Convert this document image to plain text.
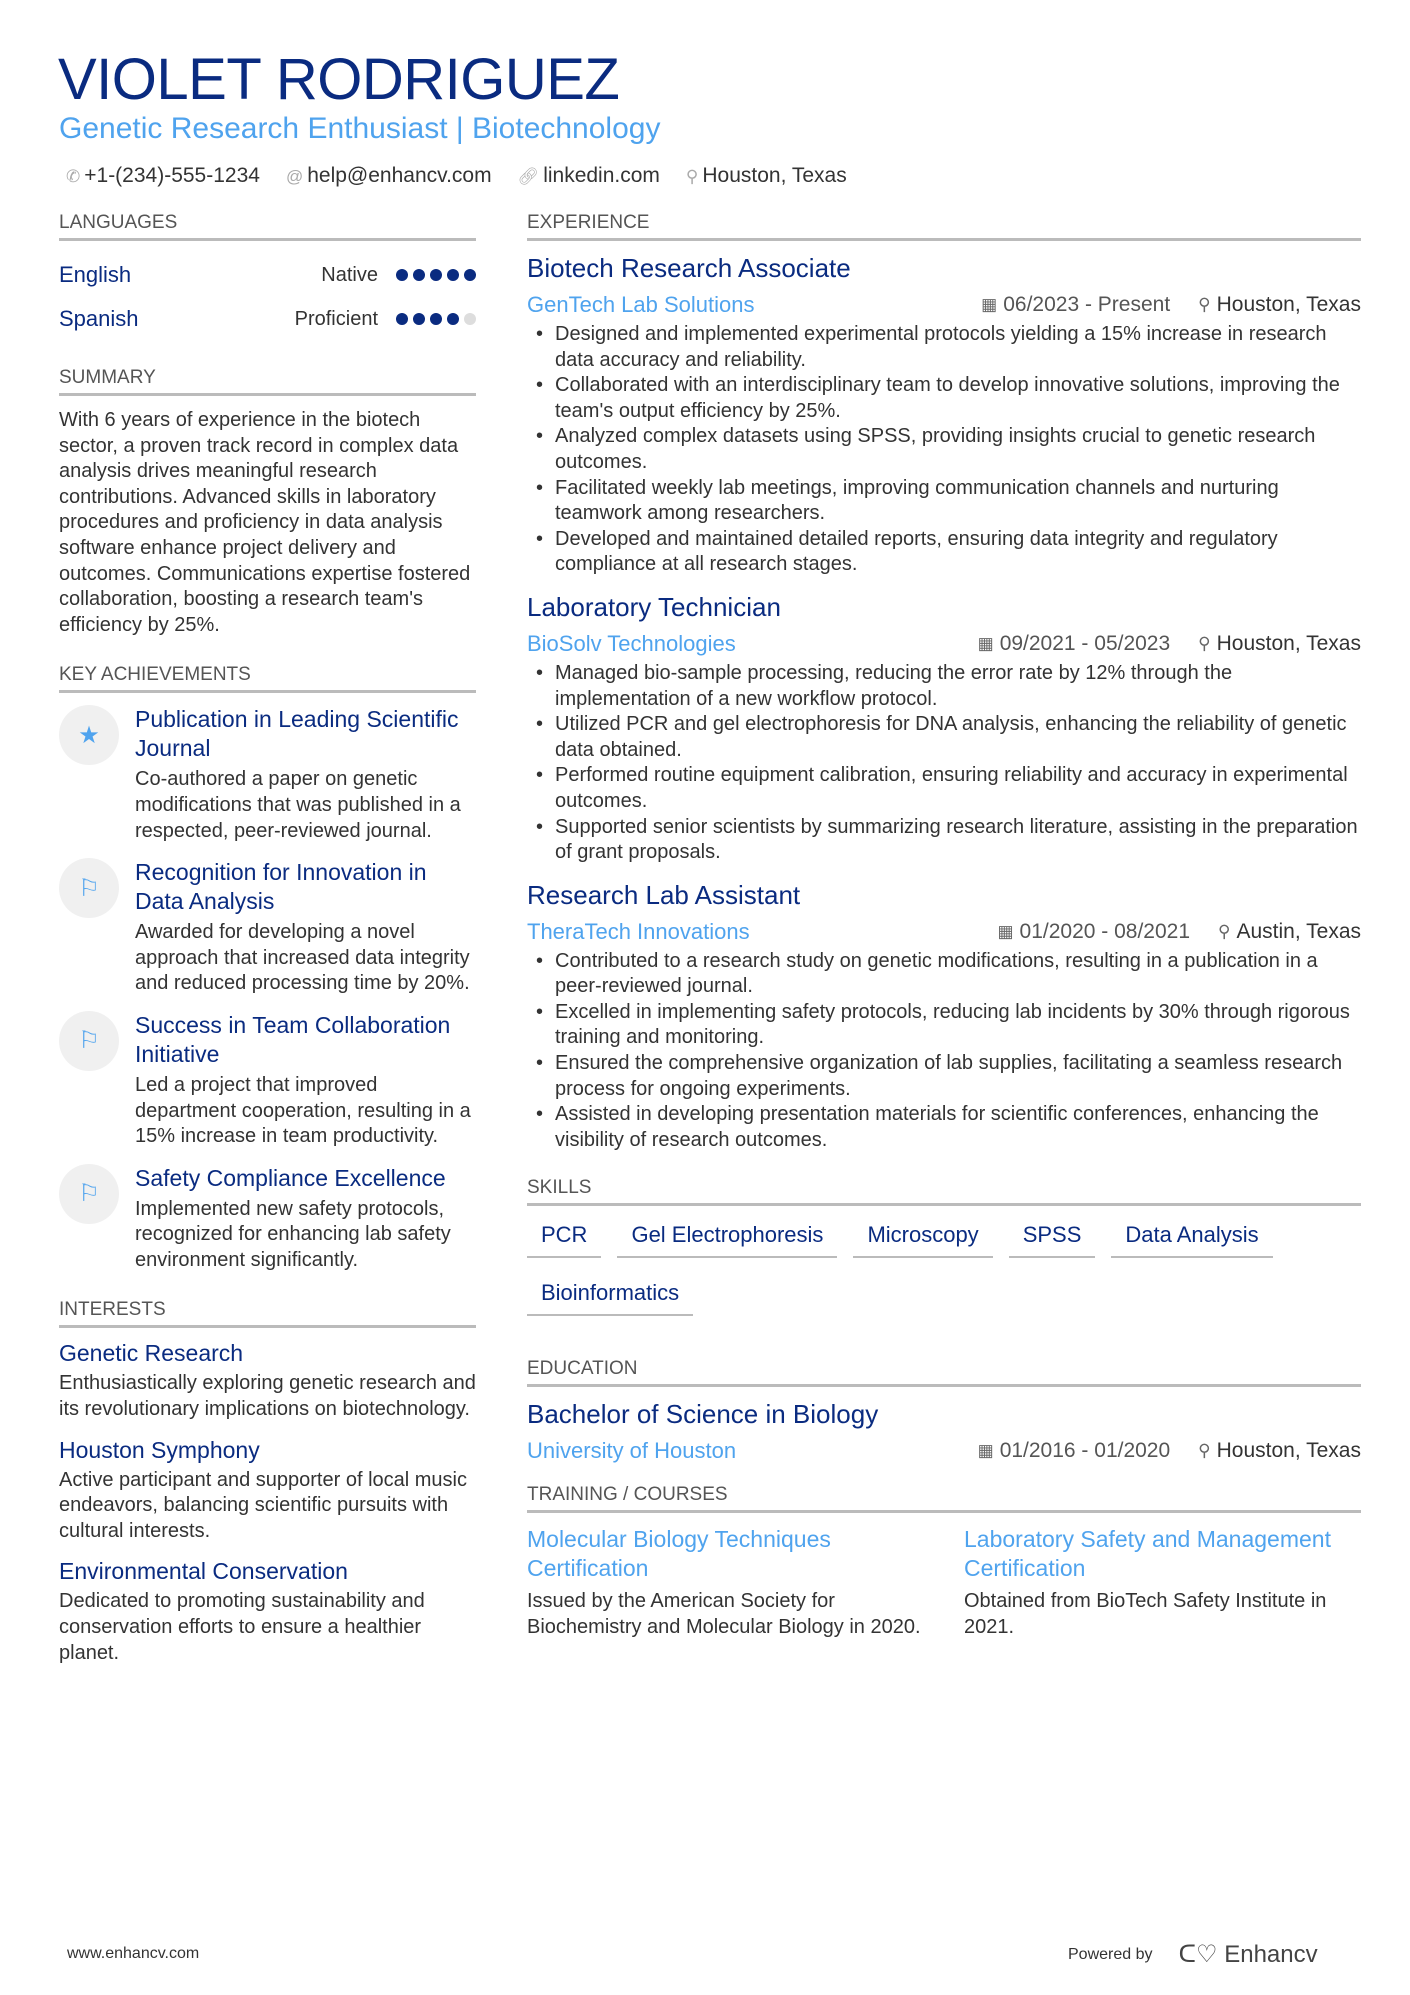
VIOLET RODRIGUEZ
Genetic Research Enthusiast | Biotechnology
✆ +1-(234)-555-1234 @ help@enhancv.com 🔗︎ linkedin.com ⚲ Houston, Texas
LANGUAGES
English	Native
Spanish	Proficient
SUMMARY
With 6 years of experience in the biotech sector, a proven track record in complex data analysis drives meaningful research contributions. Advanced skills in laboratory procedures and proficiency in data analysis software enhance project delivery and outcomes. Communications expertise fostered collaboration, boosting a research team's efficiency by 25%.
KEY ACHIEVEMENTS
★
Publication in Leading Scientific Journal
Co-authored a paper on genetic modifications that was published in a respected, peer-reviewed journal.
⚐
Recognition for Innovation in Data Analysis
Awarded for developing a novel approach that increased data integrity and reduced processing time by 20%.
⚐
Success in Team Collaboration Initiative
Led a project that improved department cooperation, resulting in a 15% increase in team productivity.
⚐
Safety Compliance Excellence
Implemented new safety protocols, recognized for enhancing lab safety environment significantly.
INTERESTS
Genetic Research
Enthusiastically exploring genetic research and its revolutionary implications on biotechnology.
Houston Symphony
Active participant and supporter of local music endeavors, balancing scientific pursuits with cultural interests.
Environmental Conservation
Dedicated to promoting sustainability and conservation efforts to ensure a healthier planet.
EXPERIENCE
Biotech Research Associate
GenTech Lab Solutions	▦ 06/2023 - Present ⚲ Houston, Texas
• Designed and implemented experimental protocols yielding a 15% increase in research data accuracy and reliability.
• Collaborated with an interdisciplinary team to develop innovative solutions, improving the team's output efficiency by 25%.
• Analyzed complex datasets using SPSS, providing insights crucial to genetic research outcomes.
• Facilitated weekly lab meetings, improving communication channels and nurturing teamwork among researchers.
• Developed and maintained detailed reports, ensuring data integrity and regulatory compliance at all research stages.
Laboratory Technician
BioSolv Technologies	▦ 09/2021 - 05/2023 ⚲ Houston, Texas
• Managed bio-sample processing, reducing the error rate by 12% through the implementation of a new workflow protocol.
• Utilized PCR and gel electrophoresis for DNA analysis, enhancing the reliability of genetic data obtained.
• Performed routine equipment calibration, ensuring reliability and accuracy in experimental outcomes.
• Supported senior scientists by summarizing research literature, assisting in the preparation of grant proposals.
Research Lab Assistant
TheraTech Innovations	▦ 01/2020 - 08/2021 ⚲ Austin, Texas
• Contributed to a research study on genetic modifications, resulting in a publication in a peer-reviewed journal.
• Excelled in implementing safety protocols, reducing lab incidents by 30% through rigorous training and monitoring.
• Ensured the comprehensive organization of lab supplies, facilitating a seamless research process for ongoing experiments.
• Assisted in developing presentation materials for scientific conferences, enhancing the visibility of research outcomes.
SKILLS
PCR	Gel Electrophoresis	Microscopy	SPSS	Data Analysis
Bioinformatics
EDUCATION
Bachelor of Science in Biology
University of Houston	▦ 01/2016 - 01/2020 ⚲ Houston, Texas
TRAINING / COURSES
Molecular Biology Techniques Certification
Issued by the American Society for Biochemistry and Molecular Biology in 2020.
Laboratory Safety and Management Certification
Obtained from BioTech Safety Institute in 2021.
www.enhancv.com	Powered by ᑕ♡ Enhancv
